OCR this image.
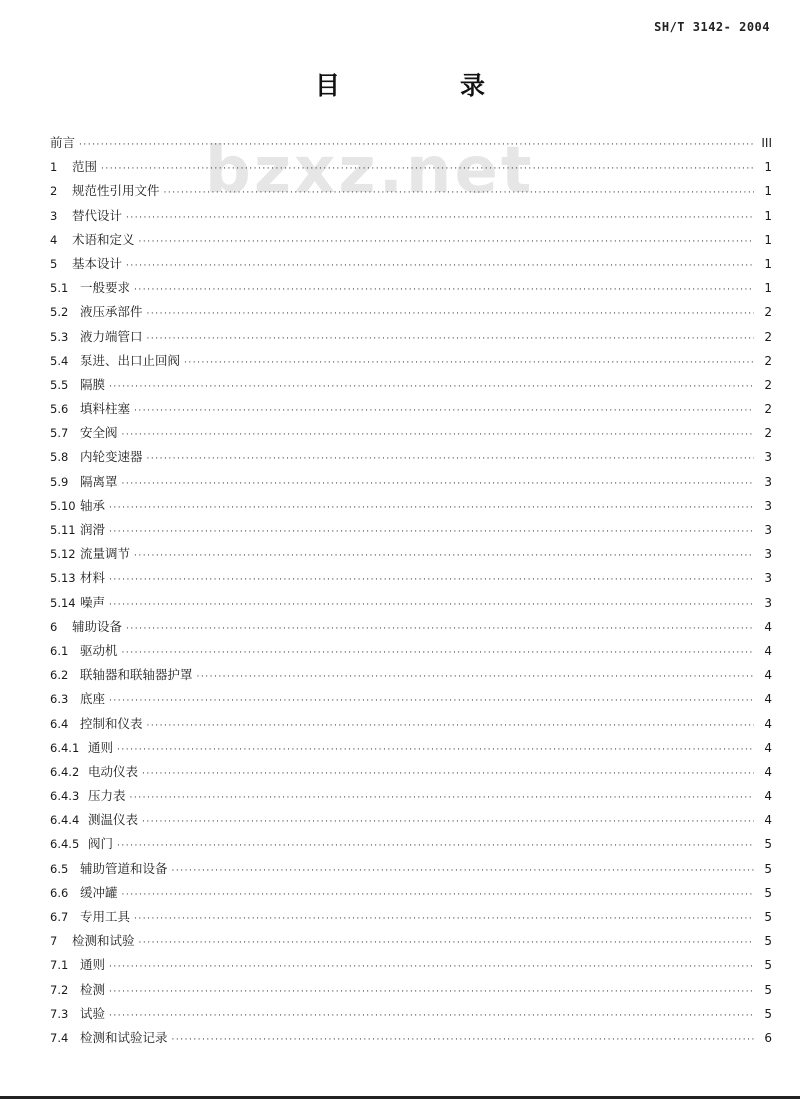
SH/T 3142- 2004
bzxz.net
目	录
前言 ·····	III
1	范围 ·····	1
2	规范性引用文件 ·····	1
3	替代设计 ·····	1
4	术语和定义 ·····	1
5	基本设计 ·····	1
5.1 一般要求 ·····	1
5.2 液压承部件 ·····	2
5.3 液力端管口 ·····	2
5.4 泵进、出口止回阀 ·····	2
5.5 隔膜 ·····	2
5.6 填料柱塞 ·····	2
5.7 安全阀 ·····	2
5.8 内轮变速器 ·····	3
5.9 隔离罩 ·····	3
5.10 轴承 ·····	3
5.11 润滑 ·····	3
5.12 流量调节 ·····	3
5.13 材料 ·····	3
5.14 噪声 ·····	3
6	辅助设备 ·····	4
6.1 驱动机 ·····	4
6.2 联轴器和联轴器护罩 ·····	4
6.3 底座 ·····	4
6.4 控制和仪表 ·····	4
6.4.1 通则 ·····	4
6.4.2 电动仪表 ·····	4
6.4.3 压力表 ·····	4
6.4.4 测温仪表 ·····	4
6.4.5 阀门 ·····	5
6.5 辅助管道和设备 ·····	5
6.6 缓冲罐 ·····	5
6.7 专用工具 ·····	5
7	检测和试验 ·····	5
7.1 通则 ·····	5
7.2 检测 ·····	5
7.3 试验 ·····	5
7.4 检测和试验记录 ·····	6
